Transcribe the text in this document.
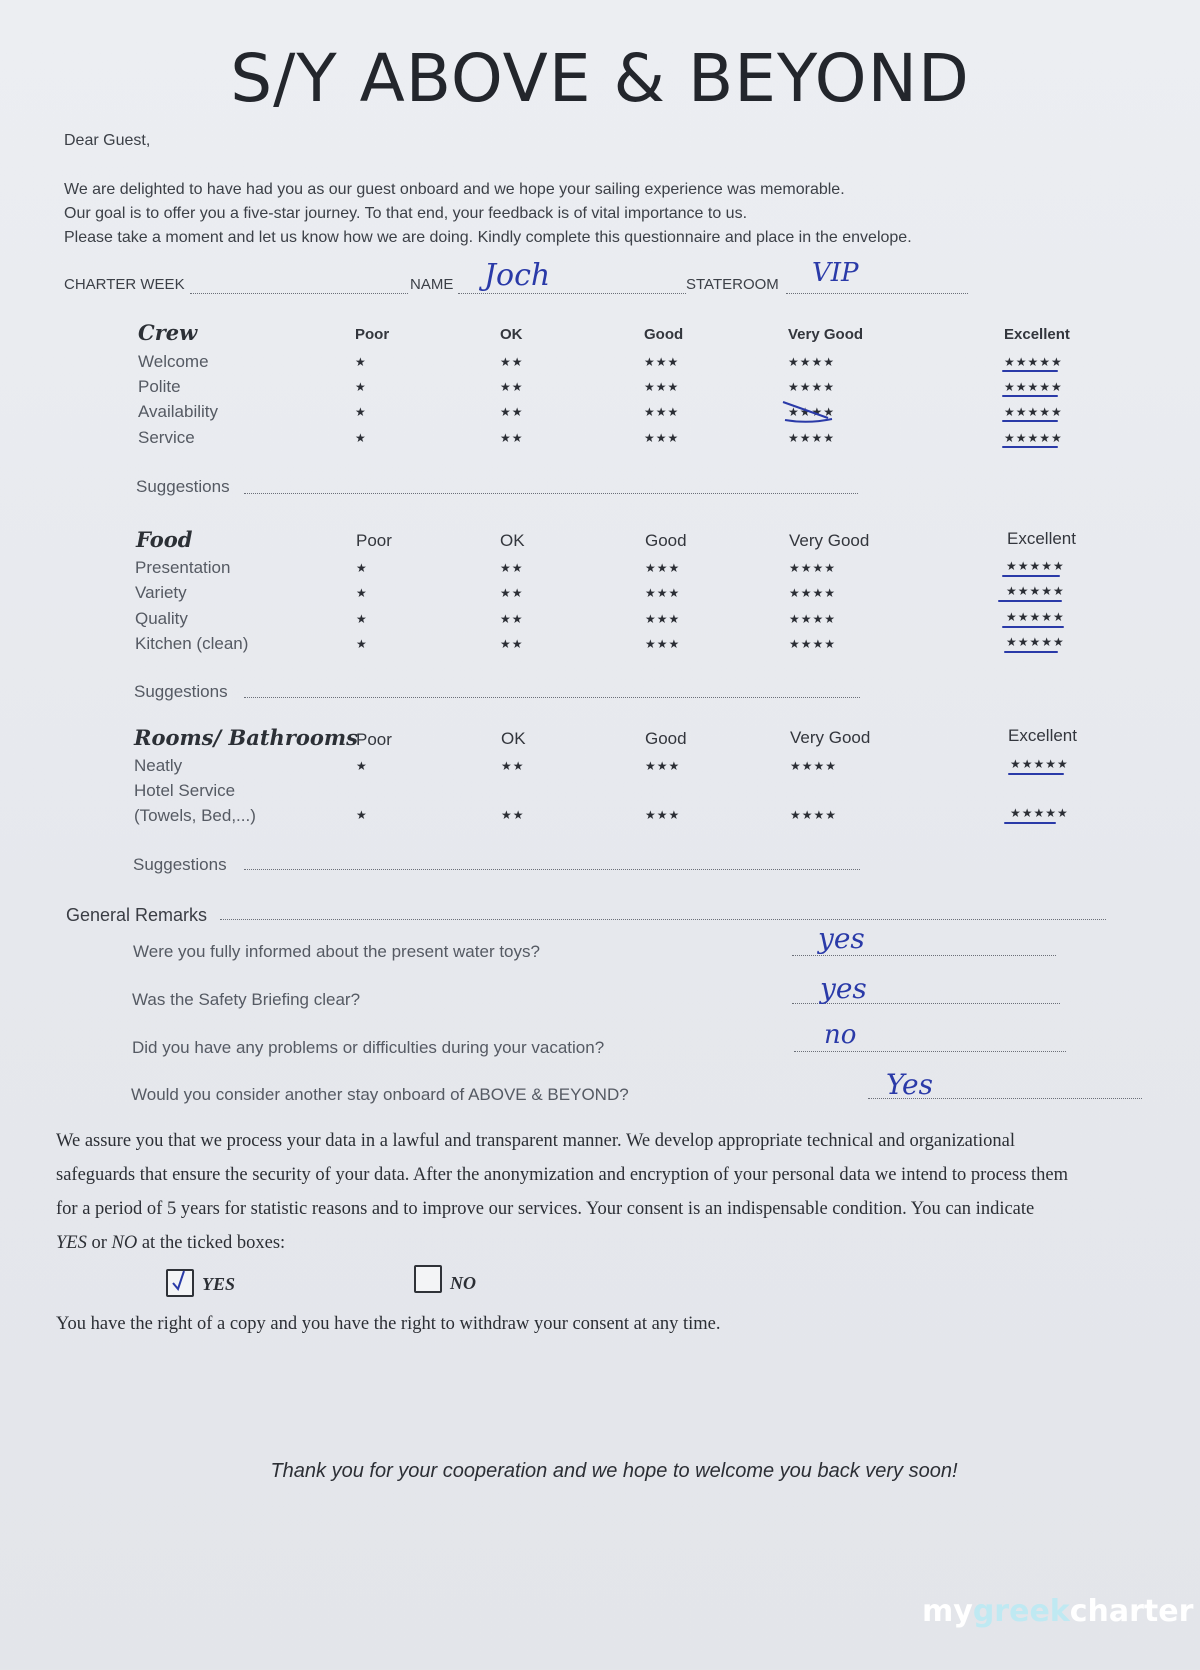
S/Y ABOVE & BEYOND
Dear Guest,
We are delighted to have had you as our guest onboard and we hope your sailing experience was memorable.
Our goal is to offer you a five-star journey. To that end, your feedback is of vital importance to us.
Please take a moment and let us know how we are doing. Kindly complete this questionnaire and place in the envelope.
CHARTER WEEK	NAME Joch	STATEROOM VIP
Crew	Poor	OK	Good	Very Good	Excellent
Welcome	★	★★	★★★	★★★★	★★★★★
Polite	★	★★	★★★	★★★★	★★★★★
Availability	★	★★	★★★	★★★★	★★★★★
Service	★	★★	★★★	★★★★	★★★★★
Suggestions
Food	Poor	OK	Good	Very Good	Excellent
Presentation	★	★★	★★★	★★★★	★★★★★
Variety	★	★★	★★★	★★★★	★★★★★
Quality	★	★★	★★★	★★★★	★★★★★
Kitchen (clean)	★	★★	★★★	★★★★	★★★★★
Suggestions
Rooms/ Bathrooms
Poor	OK	Good	Very Good	Excellent
Neatly	★	★★	★★★	★★★★	★★★★★
Hotel Service
(Towels, Bed,...)	★	★★	★★★	★★★★	★★★★★
Suggestions
General Remarks
Were you fully informed about the present water toys?	yes
Was the Safety Briefing clear?	yes
Did you have any problems or difficulties during your vacation?	no
Would you consider another stay onboard of ABOVE & BEYOND?	Yes
We assure you that we process your data in a lawful and transparent manner. We develop appropriate technical and organizational
safeguards that ensure the security of your data. After the anonymization and encryption of your personal data we intend to process them
for a period of 5 years for statistic reasons and to improve our services. Your consent is an indispensable condition. You can indicate
YES or NO at the ticked boxes:
YES	NO
You have the right of a copy and you have the right to withdraw your consent at any time.
Thank you for your cooperation and we hope to welcome you back very soon!
mygreekcharter
